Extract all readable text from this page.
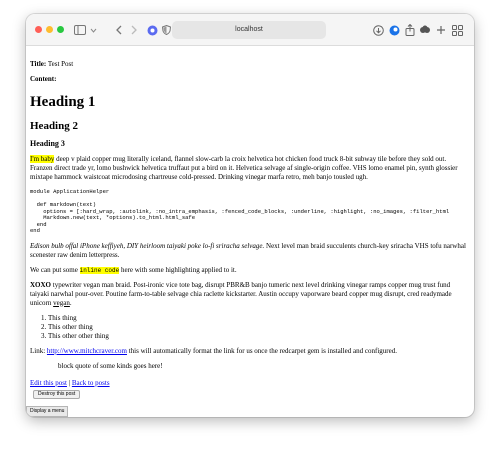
localhost

Title: Test Post

Content:

Heading 1
Heading 2
Heading 3

I'm baby deep v plaid copper mug literally iceland, flannel slow-carb la croix helvetica hot chicken food truck 8-bit subway tile before they sold out. Franzen direct trade yr, lomo bushwick helvetica truffaut put a bird on it. Helvetica selvage af single-origin coffee. VHS lomo enamel pin, synth glossier mixtape hammock waistcoat microdosing chartreuse cold-pressed. Drinking vinegar marfa retro, meh banjo tousled ugh.

module ApplicationHelper

def markdown(text)
options = [:hard_wrap, :autolink, :no_intra_emphasis, :fenced_code_blocks, :underline, :highlight, :no_images, :filter_html
Markdown.new(text, *options).to_html.html_safe
end
end

Edison bulb offal iPhone keffiyeh, DIY heirloom taiyaki poke lo-fi sriracha selvage. Next level man braid succulents church-key sriracha VHS tofu narwhal scenester raw denim letterpress.

We can put some inline code here with some highlighting applied to it.

XOXO typewriter vegan man braid. Post-ironic vice tote bag, disrupt PBR&B banjo tumeric next level drinking vinegar ramps copper mug trust fund taiyaki narwhal pour-over. Poutine farm-to-table selvage chia raclette kickstarter. Austin occupy vaporware beard copper mug disrupt, cred readymade unicorn vegan.

1. This thing
2. This other thing
3. This other other thing

Link: http://www.mitchcraver.com this will automatically format the link for us once the redcarpet gem is installed and configured.

block quote of some kinds goes here!
Edit this post | Back to posts
Destroy this post
Display a menu
